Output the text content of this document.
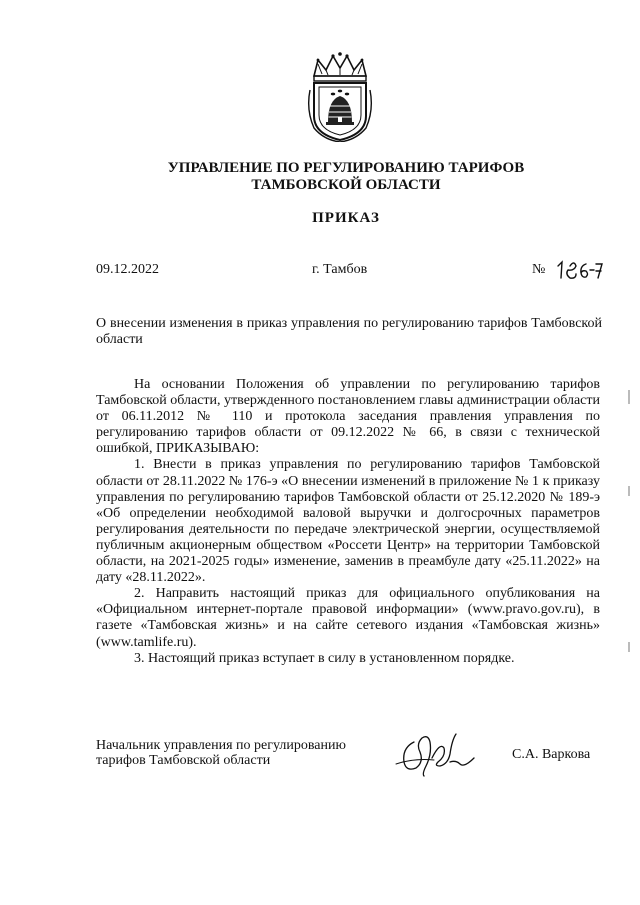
УПРАВЛЕНИЕ ПО РЕГУЛИРОВАНИЮ ТАРИФОВ
ТАМБОВСКОЙ ОБЛАСТИ
ПРИКАЗ
09.12.2022	г. Тамбов	№
О внесении изменения в приказ управления по регулированию тарифов Тамбовской области

На основании Положения об управлении по регулированию тарифов Тамбовской области, утвержденного постановлением главы администрации области от 06.11.2012 № 110 и протокола заседания правления управления по регулированию тарифов области от 09.12.2022 № 66, в связи с технической ошибкой, ПРИКАЗЫВАЮ:

1. Внести в приказ управления по регулированию тарифов Тамбовской области от 28.11.2022 № 176-э «О внесении изменений в приложение № 1 к приказу управления по регулированию тарифов Тамбовской области от 25.12.2020 № 189-э «Об определении необходимой валовой выручки и долгосрочных параметров регулирования деятельности по передаче электрической энергии, осуществляемой публичным акционерным обществом «Россети Центр» на территории Тамбовской области, на 2021-2025 годы» изменение, заменив в преамбуле дату «25.11.2022» на дату «28.11.2022».

2. Направить настоящий приказ для официального опубликования на «Официальном интернет-портале правовой информации» (www.pravo.gov.ru), в газете «Тамбовская жизнь» и на сайте сетевого издания «Тамбовская жизнь» (www.tamlife.ru).

3. Настоящий приказ вступает в силу в установленном порядке.

Начальник управления по регулированию
тарифов Тамбовской области	С.А. Варкова
